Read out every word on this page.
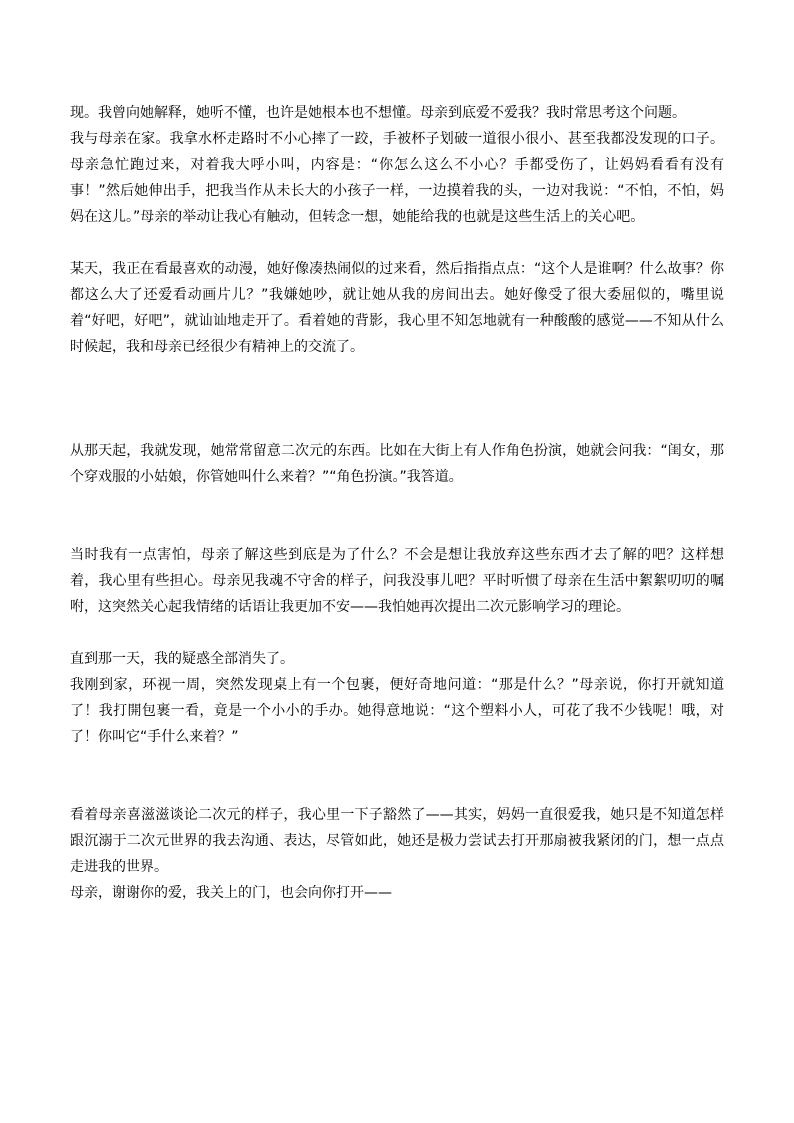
现。我曾向她解释，她听不懂，也许是她根本也不想懂。母亲到底爱不爱我？我时常思考这个问题。

我与母亲在家。我拿水杯走路时不小心摔了一跤，手被杯子划破一道很小很小、甚至我都没发现的口子。母亲急忙跑过来，对着我大呼小叫，内容是：“你怎么这么不小心？手都受伤了，让妈妈看看有没有事！”然后她伸出手，把我当作从未长大的小孩子一样，一边摸着我的头，一边对我说：“不怕，不怕，妈妈在这儿。”母亲的举动让我心有触动，但转念一想，她能给我的也就是这些生活上的关心吧。

某天，我正在看最喜欢的动漫，她好像凑热闹似的过来看，然后指指点点：“这个人是谁啊？什么故事？你都这么大了还爱看动画片儿？”我嫌她吵，就让她从我的房间出去。她好像受了很大委屈似的，嘴里说着“好吧，好吧”，就讪讪地走开了。看着她的背影，我心里不知怎地就有一种酸酸的感觉——不知从什么时候起，我和母亲已经很少有精神上的交流了。

从那天起，我就发现，她常常留意二次元的东西。比如在大街上有人作角色扮演，她就会问我：“闺女，那个穿戏服的小姑娘，你管她叫什么来着？”“角色扮演。”我答道。

当时我有一点害怕，母亲了解这些到底是为了什么？不会是想让我放弃这些东西才去了解的吧？这样想着，我心里有些担心。母亲见我魂不守舍的样子，问我没事儿吧？平时听惯了母亲在生活中絮絮叨叨的嘱咐，这突然关心起我情绪的话语让我更加不安——我怕她再次提出二次元影响学习的理论。

直到那一天，我的疑惑全部消失了。

我刚到家，环视一周，突然发现桌上有一个包裹，便好奇地问道：“那是什么？”母亲说，你打开就知道了！我打開包裹一看，竟是一个小小的手办。她得意地说：“这个塑料小人，可花了我不少钱呢！哦，对了！你叫它“手什么来着？”

看着母亲喜滋滋谈论二次元的样子，我心里一下子豁然了——其实，妈妈一直很爱我，她只是不知道怎样跟沉溺于二次元世界的我去沟通、表达，尽管如此，她还是极力尝试去打开那扇被我紧闭的门，想一点点走进我的世界。

母亲，谢谢你的爱，我关上的门，也会向你打开——
